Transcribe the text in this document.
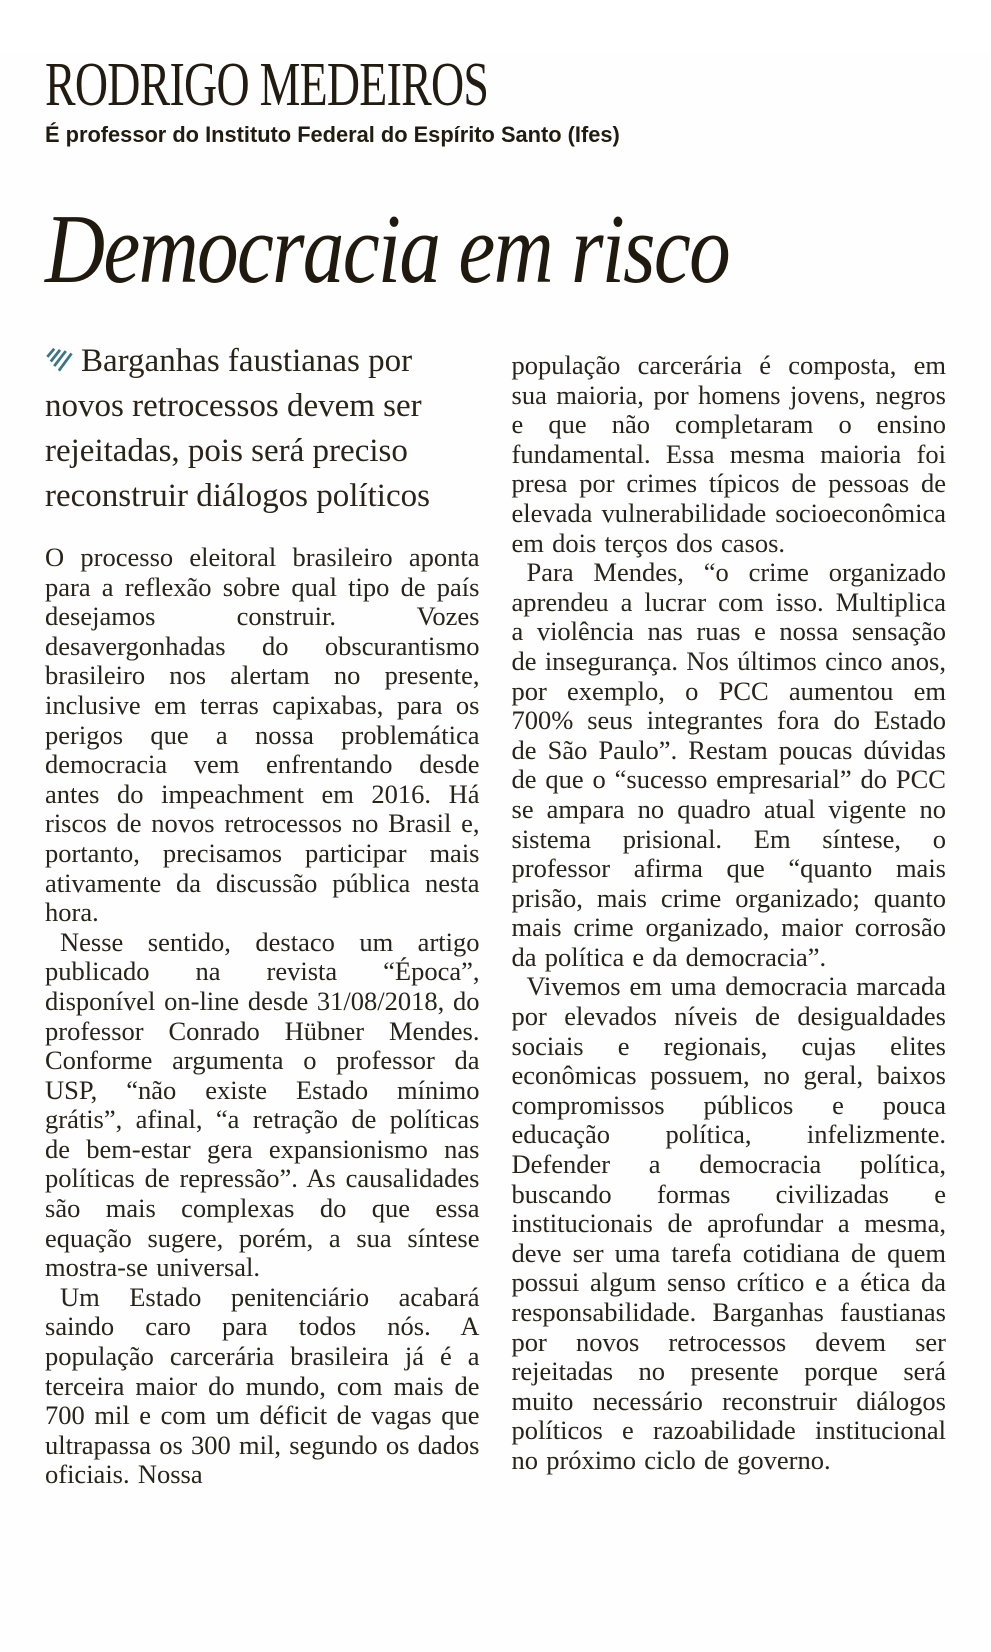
RODRIGO MEDEIROS
É professor do Instituto Federal do Espírito Santo (Ifes)
Democracia em risco
Barganhas faustianas por novos retrocessos devem ser rejeitadas, pois será preciso reconstruir diálogos políticos

O processo eleitoral brasileiro aponta para a reflexão sobre qual tipo de país desejamos construir. Vozes desavergonhadas do obscurantismo brasileiro nos alertam no presente, inclusive em terras capixabas, para os perigos que a nossa problemática democracia vem enfrentando desde antes do impeachment em 2016. Há riscos de novos retrocessos no Brasil e, portanto, precisamos participar mais ativamente da discussão pública nesta hora.

Nesse sentido, destaco um artigo publicado na revista “Época”, disponível on-line desde 31/08/2018, do professor Conrado Hübner Mendes. Conforme argumenta o professor da USP, “não existe Estado mínimo grátis”, afinal, “a retração de políticas de bem-estar gera expansionismo nas políticas de repressão”. As causalidades são mais complexas do que essa equação sugere, porém, a sua síntese mostra-se universal.

Um Estado penitenciário acabará saindo caro para todos nós. A população carcerária brasileira já é a terceira maior do mundo, com mais de 700 mil e com um déficit de vagas que ultrapassa os 300 mil, segundo os dados oficiais. Nossa

população carcerária é composta, em sua maioria, por homens jovens, negros e que não completaram o ensino fundamental. Essa mesma maioria foi presa por crimes típicos de pessoas de elevada vulnerabilidade socioeconômica em dois terços dos casos.

Para Mendes, “o crime organizado aprendeu a lucrar com isso. Multiplica a violência nas ruas e nossa sensação de insegurança. Nos últimos cinco anos, por exemplo, o PCC aumentou em 700% seus integrantes fora do Estado de São Paulo”. Restam poucas dúvidas de que o “sucesso empresarial” do PCC se ampara no quadro atual vigente no sistema prisional. Em síntese, o professor afirma que “quanto mais prisão, mais crime organizado; quanto mais crime organizado, maior corrosão da política e da democracia”.

Vivemos em uma democracia marcada por elevados níveis de desigualdades sociais e regionais, cujas elites econômicas possuem, no geral, baixos compromissos públicos e pouca educação política, infelizmente. Defender a democracia política, buscando formas civilizadas e institucionais de aprofundar a mesma, deve ser uma tarefa cotidiana de quem possui algum senso crítico e a ética da responsabilidade. Barganhas faustianas por novos retrocessos devem ser rejeitadas no presente porque será muito necessário reconstruir diálogos políticos e razoabilidade institucional no próximo ciclo de governo.
